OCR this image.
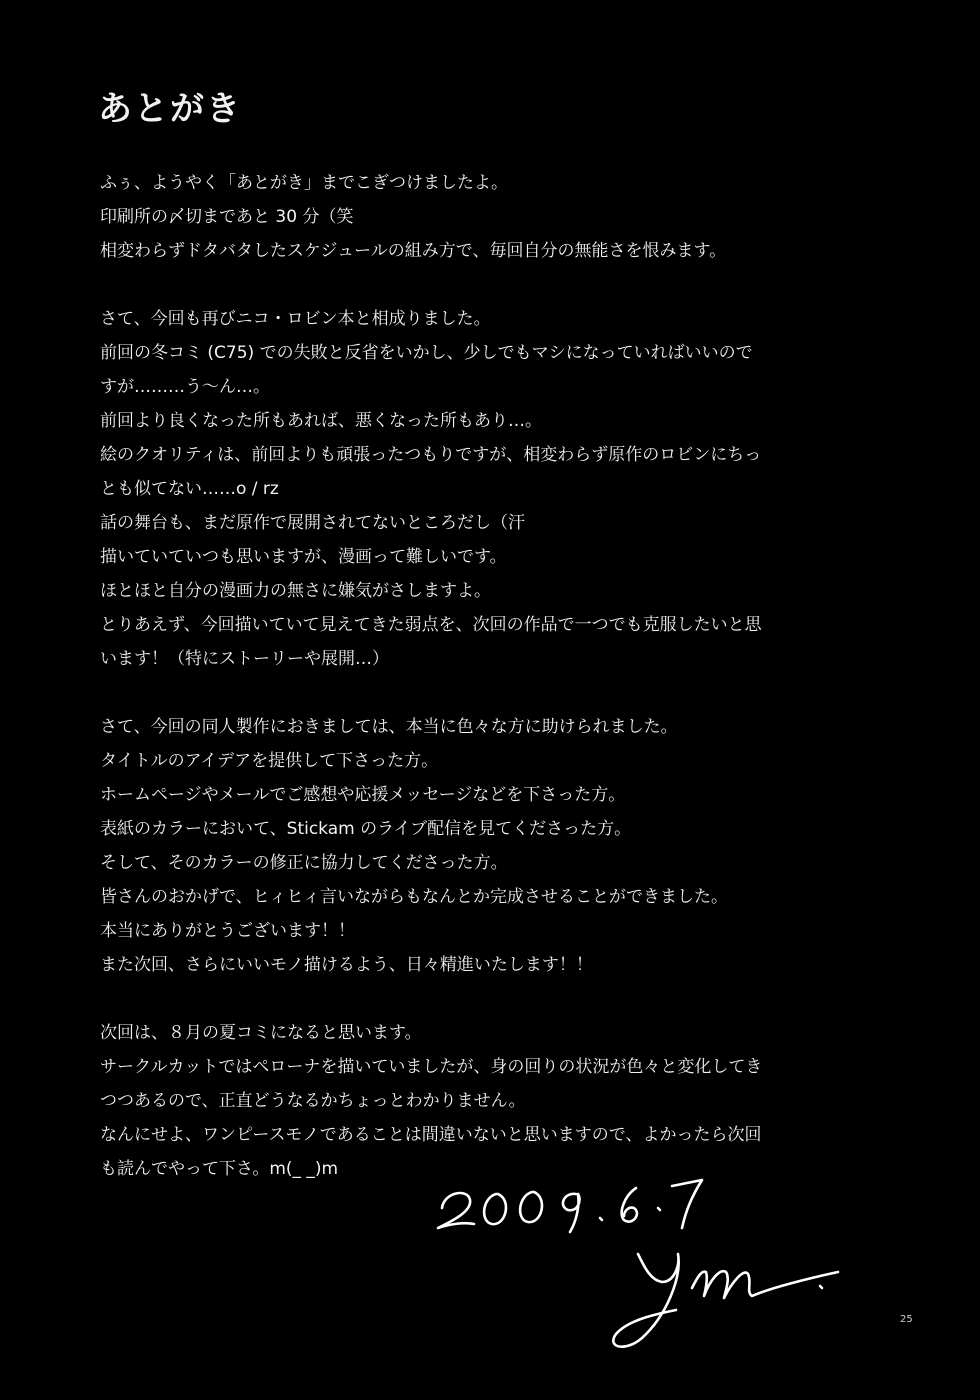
あとがき

ふぅ、ようやく「あとがき」までこぎつけましたよ。
印刷所の〆切まであと 30 分（笑
相変わらずドタバタしたスケジュールの組み方で、毎回自分の無能さを恨みます。

さて、今回も再びニコ・ロビン本と相成りました。
前回の冬コミ (C75) での失敗と反省をいかし、少しでもマシになっていればいいので
すが………う～ん…。
前回より良くなった所もあれば、悪くなった所もあり…。
絵のクオリティは、前回よりも頑張ったつもりですが、相変わらず原作のロビンにちっ
とも似てない……o / rz
話の舞台も、まだ原作で展開されてないところだし（汗
描いていていつも思いますが、漫画って難しいです。
ほとほと自分の漫画力の無さに嫌気がさしますよ。
とりあえず、今回描いていて見えてきた弱点を、次回の作品で一つでも克服したいと思
います！（特にストーリーや展開…）

さて、今回の同人製作におきましては、本当に色々な方に助けられました。
タイトルのアイデアを提供して下さった方。
ホームページやメールでご感想や応援メッセージなどを下さった方。
表紙のカラーにおいて、Stickam のライブ配信を見てくださった方。
そして、そのカラーの修正に協力してくださった方。
皆さんのおかげで、ヒィヒィ言いながらもなんとか完成させることができました。
本当にありがとうございます！！
また次回、さらにいいモノ描けるよう、日々精進いたします！！

次回は、８月の夏コミになると思います。
サークルカットではペローナを描いていましたが、身の回りの状況が色々と変化してき
つつあるので、正直どうなるかちょっとわかりません。
なんにせよ、ワンピースモノであることは間違いないと思いますので、よかったら次回
も読んでやって下さ。m(_ _)m

25
